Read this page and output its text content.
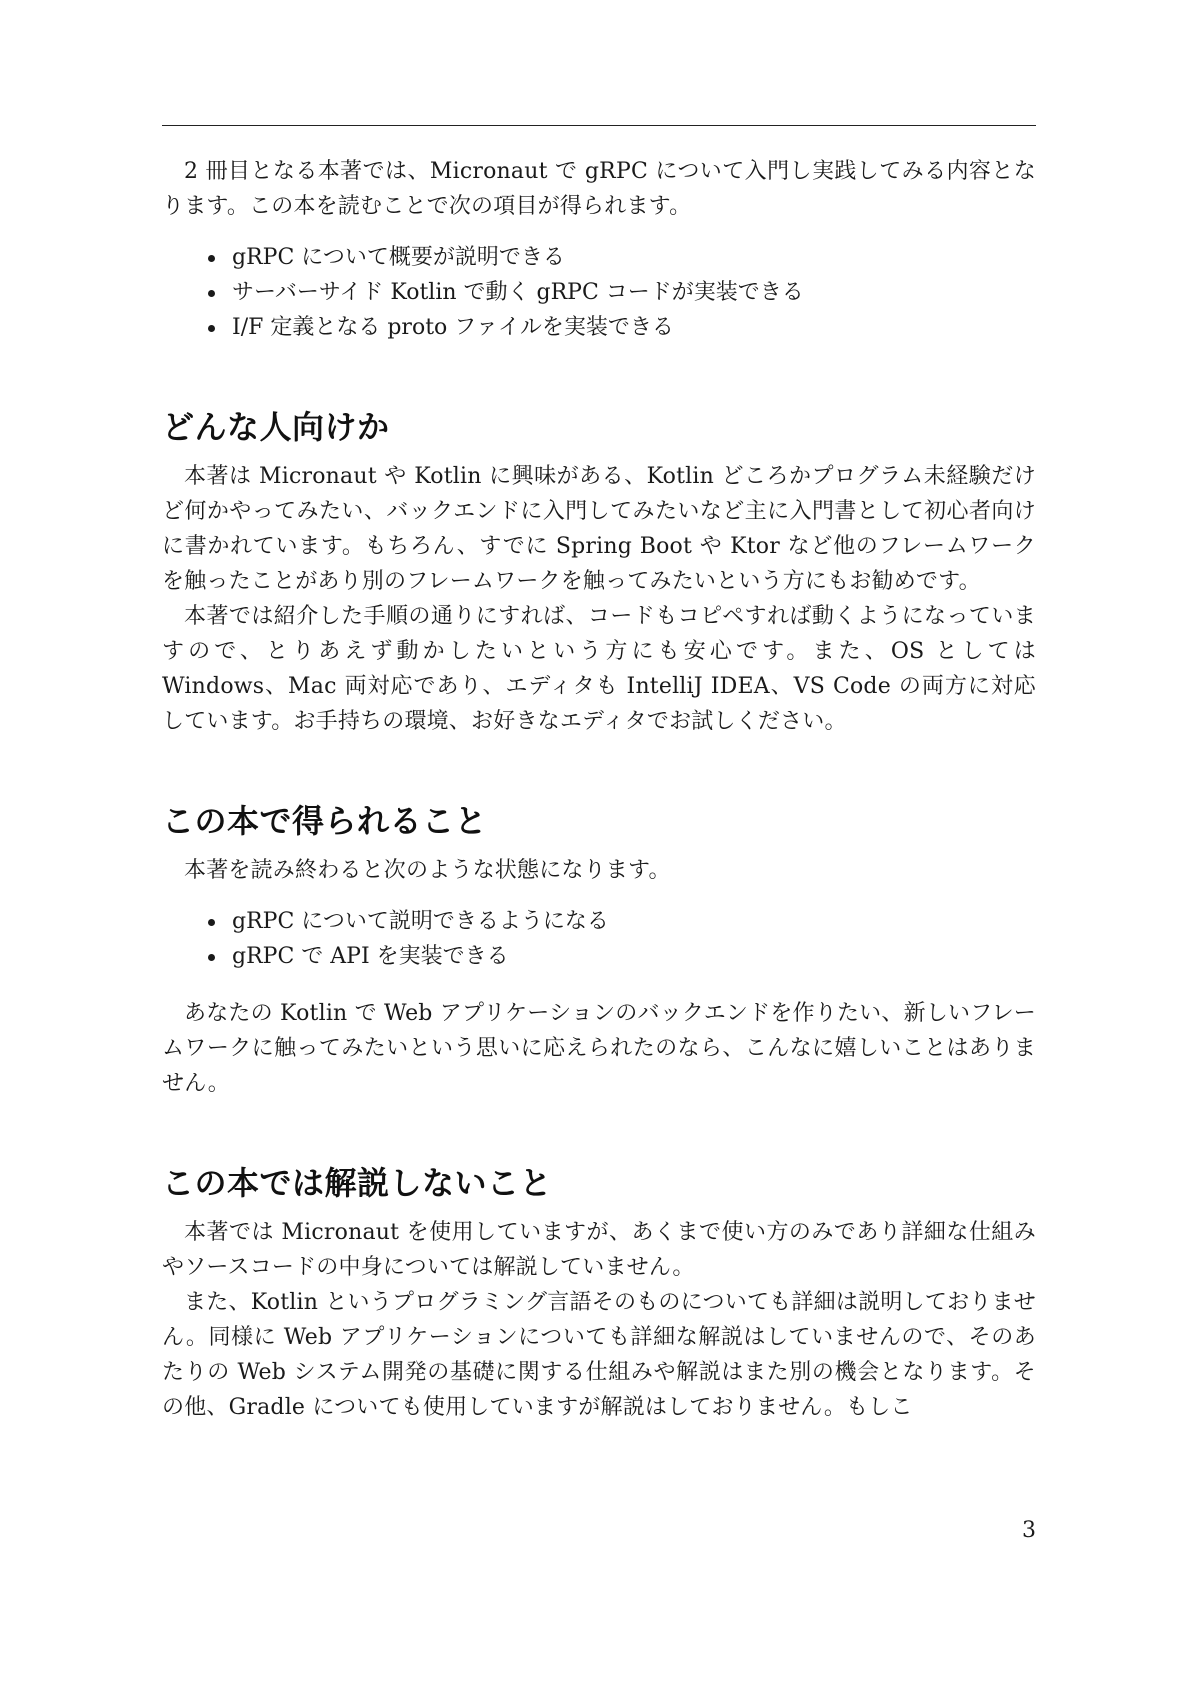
2 冊目となる本著では、Micronaut で gRPC について入門し実践してみる内容となります。この本を読むことで次の項目が得られます。

gRPC について概要が説明できる
サーバーサイド Kotlin で動く gRPC コードが実装できる
I/F 定義となる proto ファイルを実装できる
どんな人向けか

本著は Micronaut や Kotlin に興味がある、Kotlin どころかプログラム未経験だけど何かやってみたい、バックエンドに入門してみたいなど主に入門書として初心者向けに書かれています。もちろん、すでに Spring Boot や Ktor など他のフレームワークを触ったことがあり別のフレームワークを触ってみたいという方にもお勧めです。

本著では紹介した手順の通りにすれば、コードもコピペすれば動くようになっていますので、とりあえず動かしたいという方にも安心です。また、OS としては Windows、Mac 両対応であり、エディタも IntelliJ IDEA、VS Code の両方に対応しています。お手持ちの環境、お好きなエディタでお試しください。

この本で得られること

本著を読み終わると次のような状態になります。

gRPC について説明できるようになる
gRPC で API を実装できる

あなたの Kotlin で Web アプリケーションのバックエンドを作りたい、新しいフレームワークに触ってみたいという思いに応えられたのなら、こんなに嬉しいことはありません。

この本では解説しないこと

本著では Micronaut を使用していますが、あくまで使い方のみであり詳細な仕組みやソースコードの中身については解説していません。

また、Kotlin というプログラミング言語そのものについても詳細は説明しておりません。同様に Web アプリケーションについても詳細な解説はしていませんので、そのあたりの Web システム開発の基礎に関する仕組みや解説はまた別の機会となります。その他、Gradle についても使用していますが解説はしておりません。もしこ

3
